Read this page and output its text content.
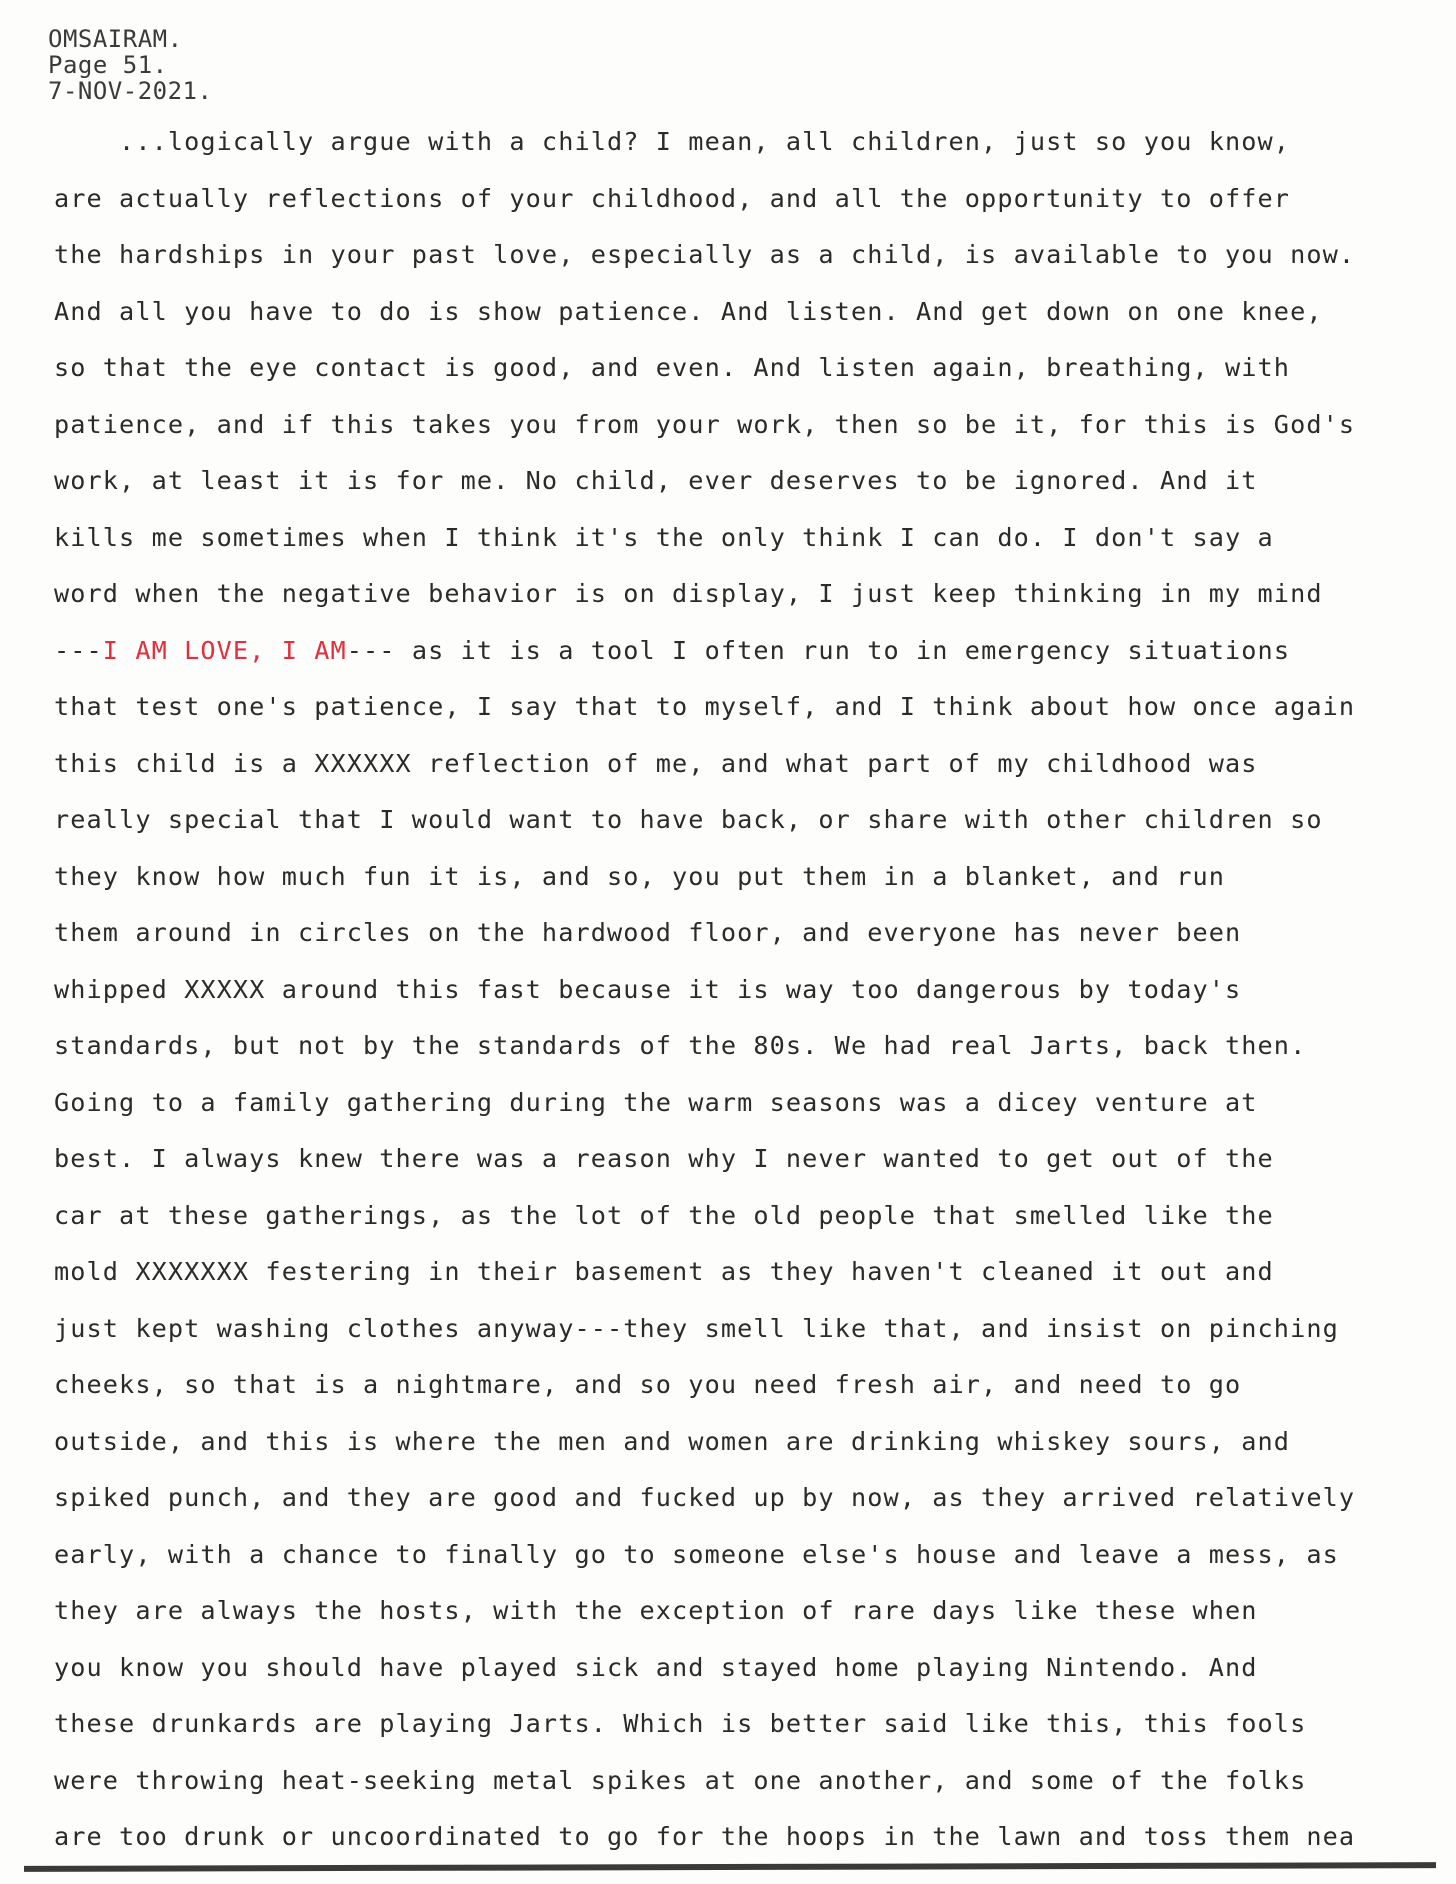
OMSAIRAM.
Page 51.
7-NOV-2021.
...logically argue with a child? I mean, all children, just so you know,
are actually reflections of your childhood, and all the opportunity to offer
the hardships in your past love, especially as a child, is available to you now.
And all you have to do is show patience. And listen. And get down on one knee,
so that the eye contact is good, and even. And listen again, breathing, with
patience, and if this takes you from your work, then so be it, for this is God's
work, at least it is for me. No child, ever deserves to be ignored. And it
kills me sometimes when I think it's the only think I can do. I don't say a
word when the negative behavior is on display, I just keep thinking in my mind
---I AM LOVE, I AM--- as it is a tool I often run to in emergency situations
that test one's patience, I say that to myself, and I think about how once again
this child is a XXXXXX reflection of me, and what part of my childhood was
really special that I would want to have back, or share with other children so
they know how much fun it is, and so, you put them in a blanket, and run
them around in circles on the hardwood floor, and everyone has never been
whipped XXXXX around this fast because it is way too dangerous by today's
standards, but not by the standards of the 80s. We had real Jarts, back then.
Going to a family gathering during the warm seasons was a dicey venture at
best. I always knew there was a reason why I never wanted to get out of the
car at these gatherings, as the lot of the old people that smelled like the
mold XXXXXXX festering in their basement as they haven't cleaned it out and
just kept washing clothes anyway---they smell like that, and insist on pinching
cheeks, so that is a nightmare, and so you need fresh air, and need to go
outside, and this is where the men and women are drinking whiskey sours, and
spiked punch, and they are good and fucked up by now, as they arrived relatively
early, with a chance to finally go to someone else's house and leave a mess, as
they are always the hosts, with the exception of rare days like these when
you know you should have played sick and stayed home playing Nintendo. And
these drunkards are playing Jarts. Which is better said like this, this fools
were throwing heat-seeking metal spikes at one another, and some of the folks
are too drunk or uncoordinated to go for the hoops in the lawn and toss them nea
